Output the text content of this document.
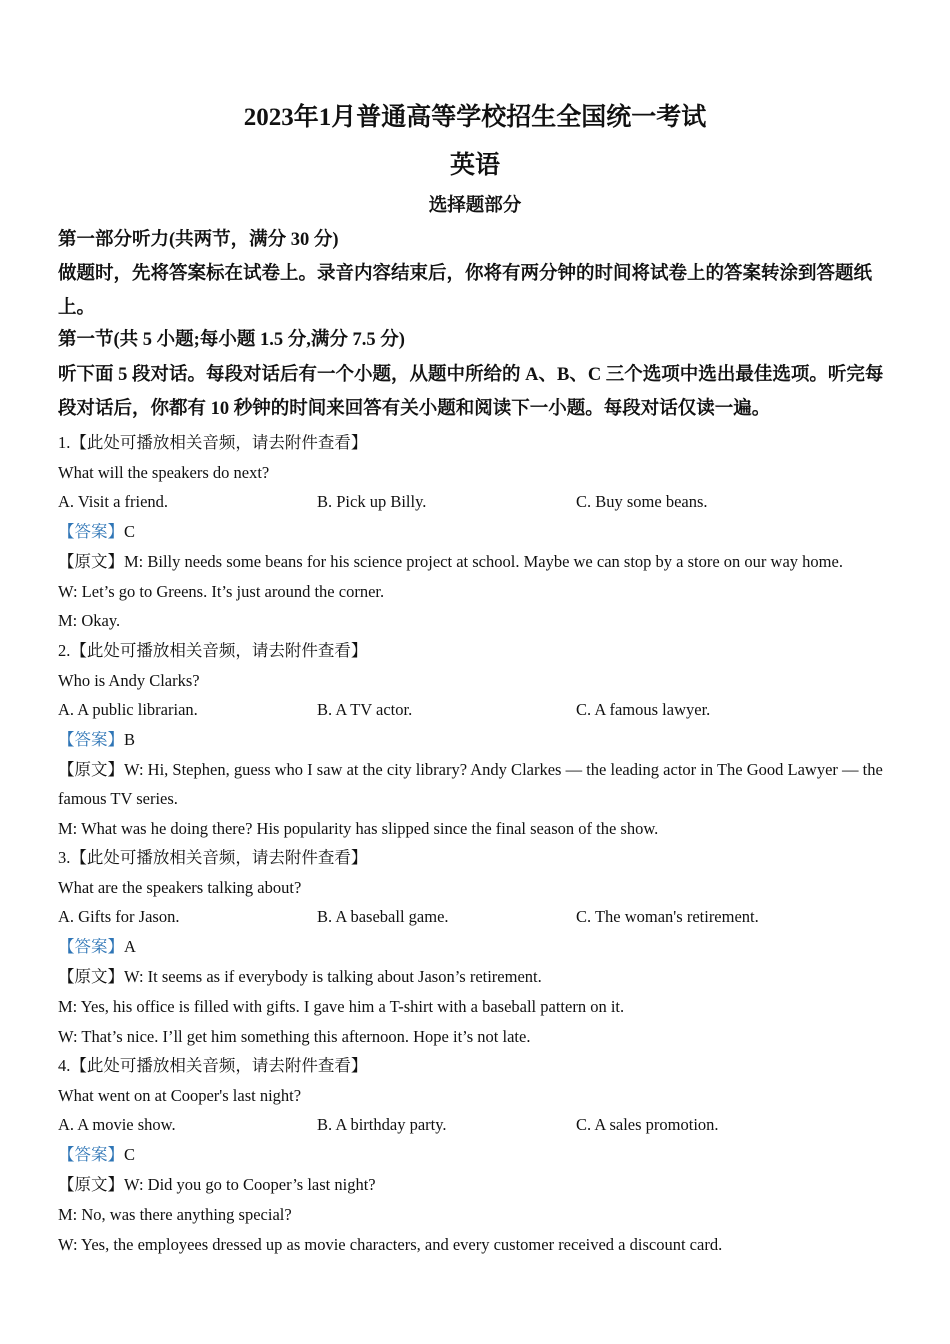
2023年1月普通高等学校招生全国统一考试
英语
选择题部分
第一部分听力(共两节，满分 30 分)
做题时，先将答案标在试卷上。录音内容结束后，你将有两分钟的时间将试卷上的答案转涂到答题纸上。
第一节(共 5 小题;每小题 1.5 分,满分 7.5 分)
听下面 5 段对话。每段对话后有一个小题，从题中所给的 A、B、C 三个选项中选出最佳选项。听完每段对话后，你都有 10 秒钟的时间来回答有关小题和阅读下一小题。每段对话仅读一遍。
1.【此处可播放相关音频，请去附件查看】
What will the speakers do next?
A. Visit a friend.	B. Pick up Billy.	C. Buy some beans.
【答案】C
【原文】M: Billy needs some beans for his science project at school. Maybe we can stop by a store on our way home.
W: Let’s go to Greens. It’s just around the corner.
M: Okay.
2.【此处可播放相关音频，请去附件查看】
Who is Andy Clarks?
A. A public librarian.	B. A TV actor.	C. A famous lawyer.
【答案】B
【原文】W: Hi, Stephen, guess who I saw at the city library? Andy Clarkes — the leading actor in The Good Lawyer — the famous TV series.
M: What was he doing there? His popularity has slipped since the final season of the show.
3.【此处可播放相关音频，请去附件查看】
What are the speakers talking about?
A. Gifts for Jason.	B. A baseball game.	C. The woman's retirement.
【答案】A
【原文】W: It seems as if everybody is talking about Jason’s retirement.
M: Yes, his office is filled with gifts. I gave him a T-shirt with a baseball pattern on it.
W: That’s nice. I’ll get him something this afternoon. Hope it’s not late.
4.【此处可播放相关音频，请去附件查看】
What went on at Cooper's last night?
A. A movie show.	B. A birthday party.	C. A sales promotion.
【答案】C
【原文】W: Did you go to Cooper’s last night?
M: No, was there anything special?
W: Yes, the employees dressed up as movie characters, and every customer received a discount card.
